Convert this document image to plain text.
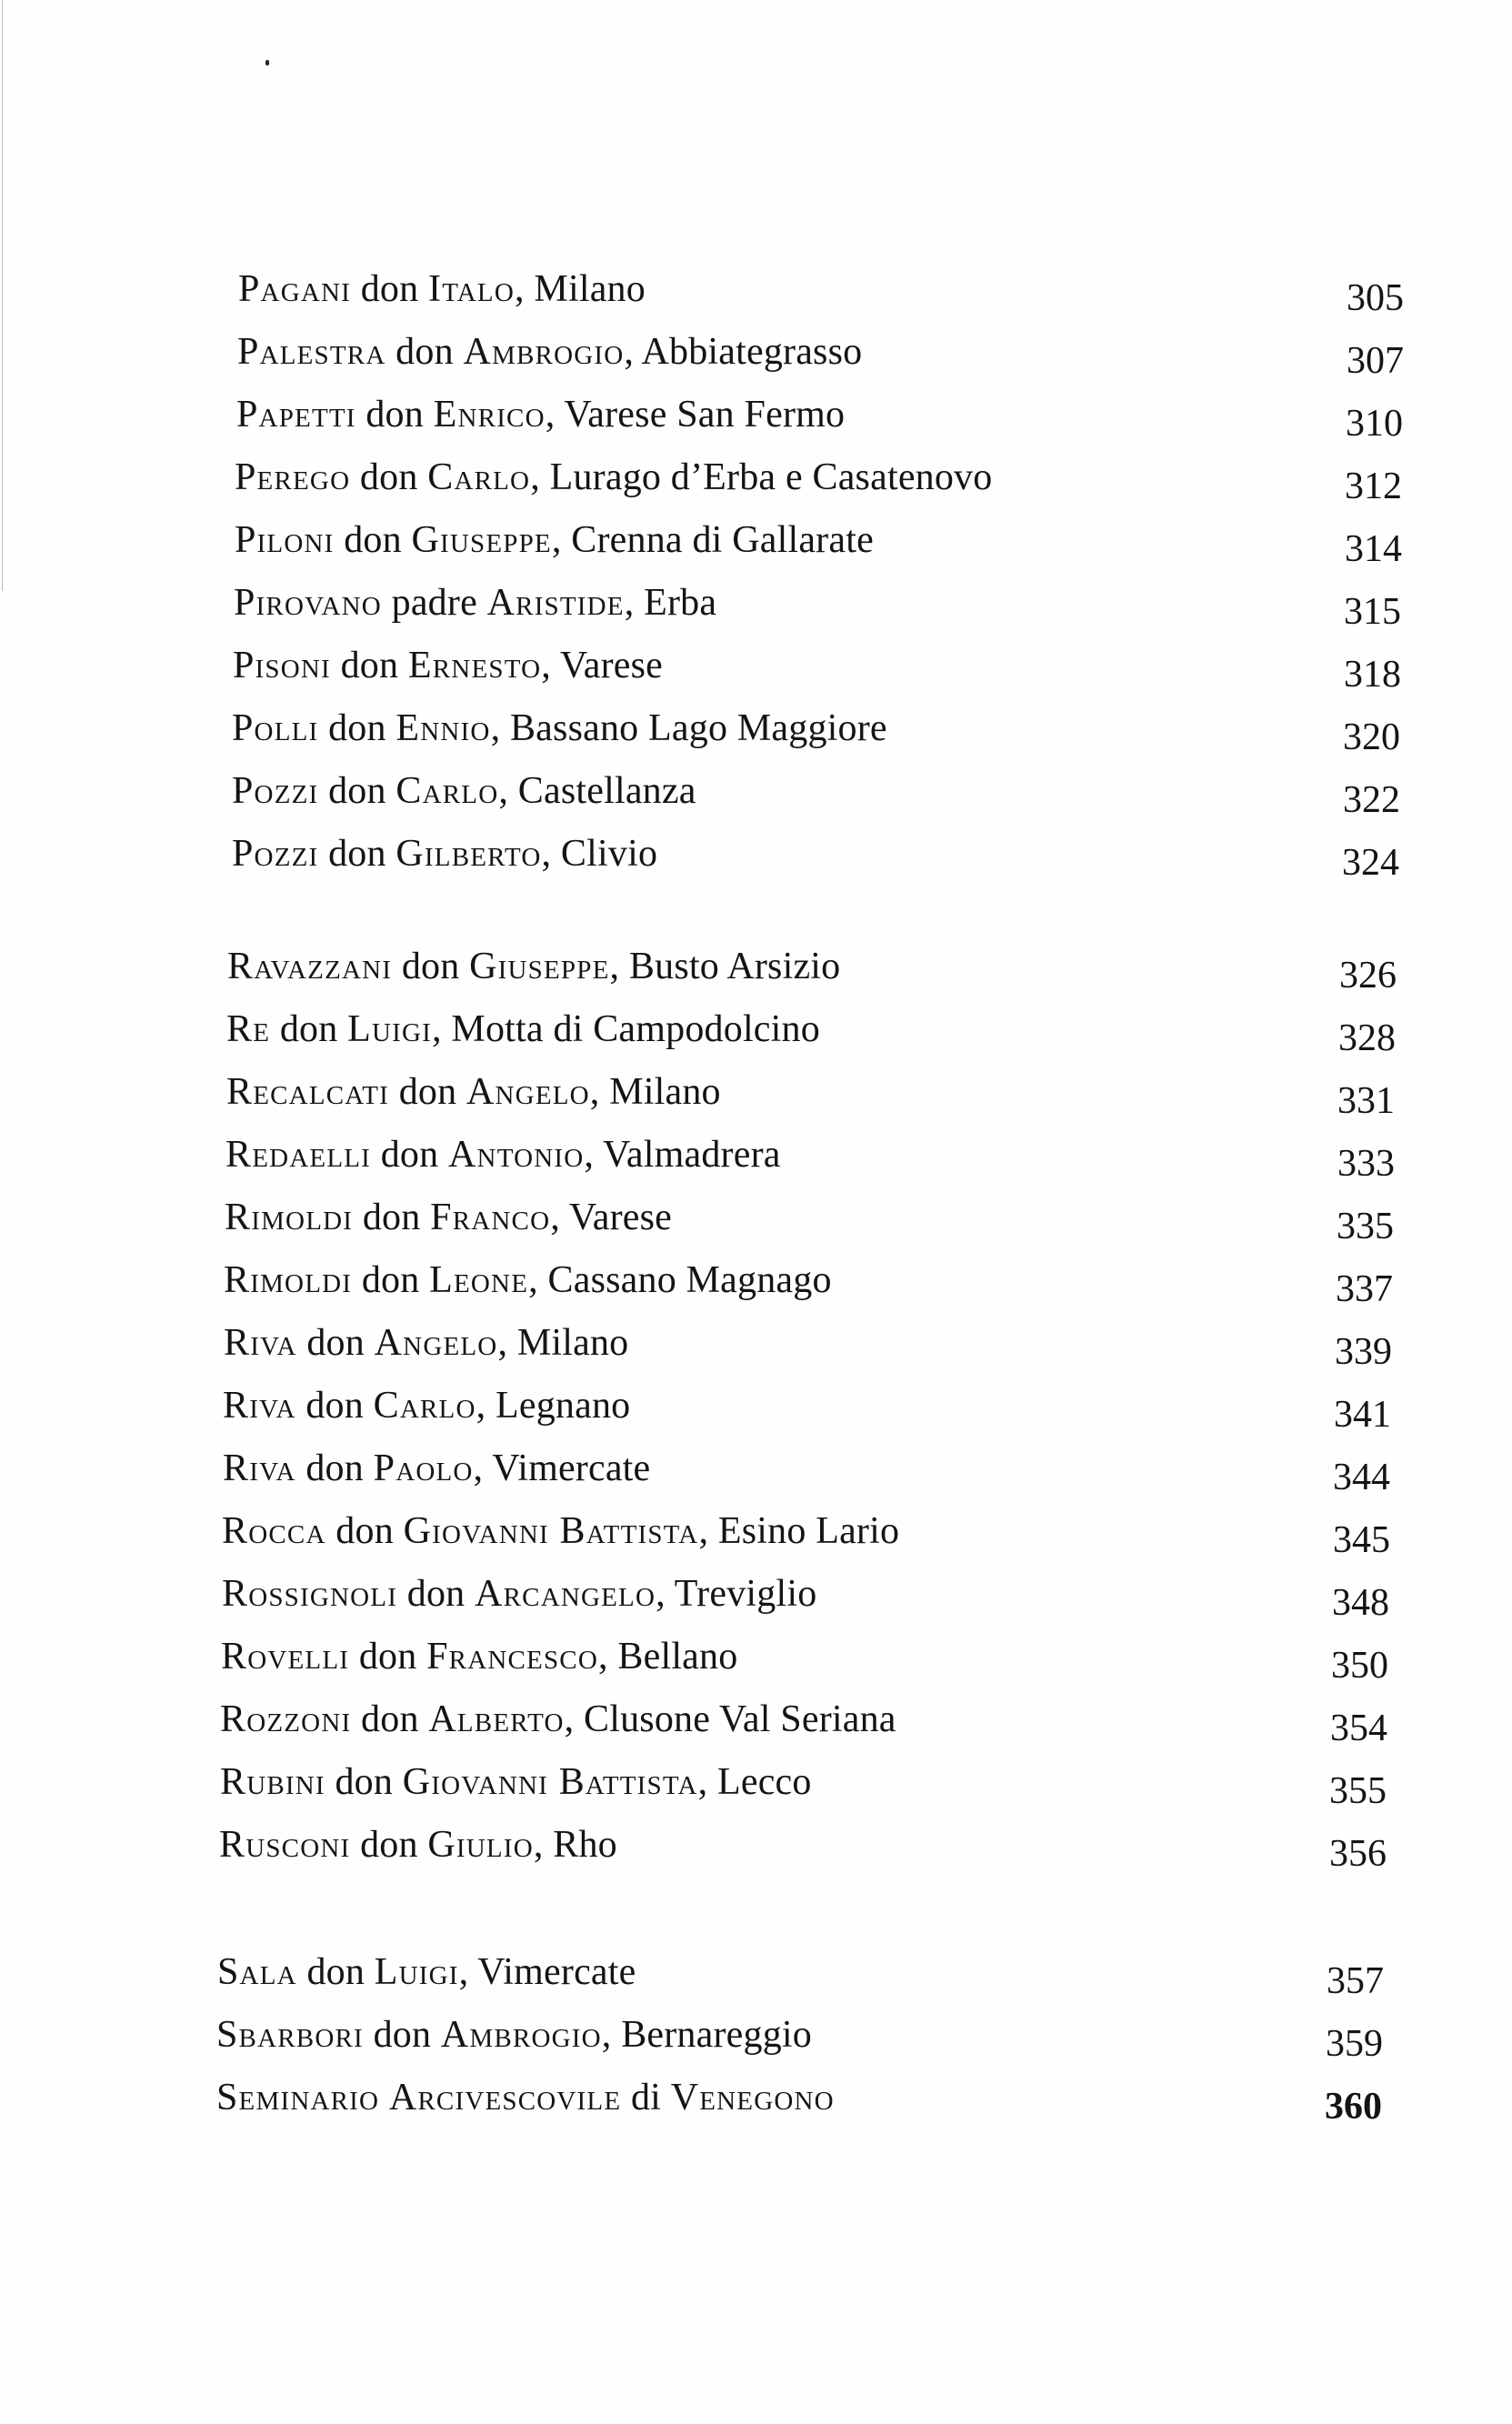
Pagani don Italo, Milano	305
Palestra don Ambrogio, Abbiategrasso	307
Papetti don Enrico, Varese San Fermo	310
Perego don Carlo, Lurago d’Erba e Casatenovo	312
Piloni don Giuseppe, Crenna di Gallarate	314
Pirovano padre Aristide, Erba	315
Pisoni don Ernesto, Varese	318
Polli don Ennio, Bassano Lago Maggiore	320
Pozzi don Carlo, Castellanza	322
Pozzi don Gilberto, Clivio	324
Ravazzani don Giuseppe, Busto Arsizio	326
Re don Luigi, Motta di Campodolcino	328
Recalcati don Angelo, Milano	331
Redaelli don Antonio, Valmadrera	333
Rimoldi don Franco, Varese	335
Rimoldi don Leone, Cassano Magnago	337
Riva don Angelo, Milano	339
Riva don Carlo, Legnano	341
Riva don Paolo, Vimercate	344
Rocca don Giovanni Battista, Esino Lario	345
Rossignoli don Arcangelo, Treviglio	348
Rovelli don Francesco, Bellano	350
Rozzoni don Alberto, Clusone Val Seriana	354
Rubini don Giovanni Battista, Lecco	355
Rusconi don Giulio, Rho	356
Sala don Luigi, Vimercate	357
Sbarbori don Ambrogio, Bernareggio	359
Seminario Arcivescovile di Venegono	360
